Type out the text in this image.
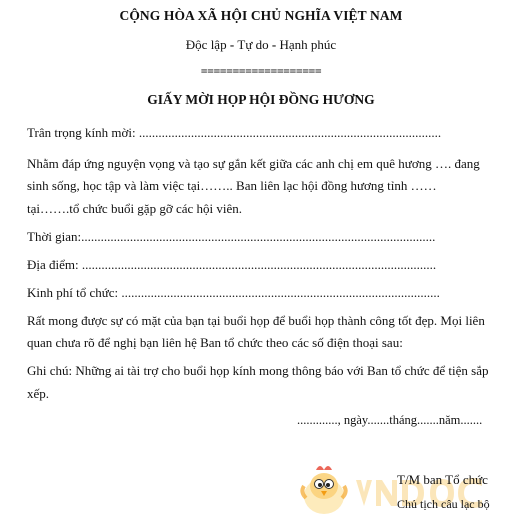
CỘNG HÒA XÃ HỘI CHỦ NGHĨA VIỆT NAM
Độc lập - Tự do - Hạnh phúc
===================
GIẤY MỜI HỌP HỘI ĐỒNG HƯƠNG
Trân trọng kính mời: .............................................................................................
Nhằm đáp ứng nguyện vọng và tạo sự gắn kết giữa các anh chị em quê hương …. đang
sinh sống, học tập và làm việc tại…….. Ban liên lạc hội đồng hương tỉnh ……
tại…….tổ chức buổi gặp gỡ các hội viên.
Thời gian:.............................................................................................................
Địa điểm: .............................................................................................................
Kinh phí tổ chức: ..................................................................................................
Rất mong được sự có mặt của bạn tại buổi họp để buổi họp thành công tốt đẹp. Mọi liên
quan chưa rõ để nghị bạn liên hệ Ban tổ chức theo các số điện thoại sau:
Ghi chú: Những ai tài trợ cho buổi họp kính mong thông báo với Ban tổ chức để tiện sắp
xếp.
............., ngày.......tháng.......năm.......
T/M ban Tổ chức
Chủ tịch câu lạc bộ
